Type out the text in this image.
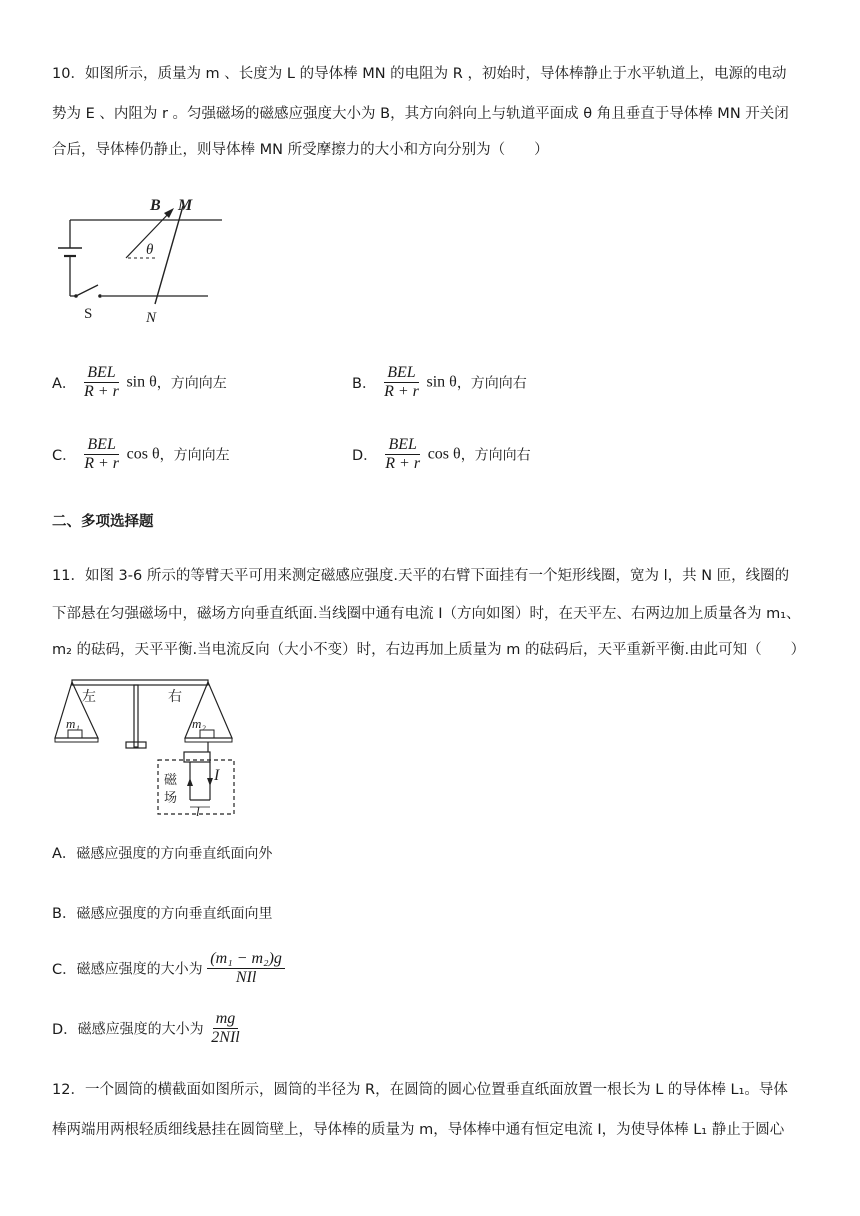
10．如图所示，质量为 m 、长度为 L 的导体棒 MN 的电阻为 R ，初始时，导体棒静止于水平轨道上，电源的电动
势为 E 、内阻为 r 。匀强磁场的磁感应强度大小为 B，其方向斜向上与轨道平面成 θ 角且垂直于导体棒 MN 开关闭
合后，导体棒仍静止，则导体棒 MN 所受摩擦力的大小和方向分别为（　　）
B M
θ
S	N
A． $\frac{\text{BEL}}{R + r}$ sin θ，方向向左	B． $\frac{\text{BEL}}{R + r}$ sin θ，方向向右
C． $\frac{\text{BEL}}{R + r}$ cos θ，方向向左	D． $\frac{\text{BEL}}{R + r}$ cos θ，方向向右
二、多项选择题
11．如图 3-6 所示的等臂天平可用来测定磁感应强度.天平的右臂下面挂有一个矩形线圈，宽为 l，共 N 匝，线圈的
下部悬在匀强磁场中，磁场方向垂直纸面.当线圈中通有电流 I（方向如图）时，在天平左、右两边加上质量各为 m₁、
m₂ 的砝码，天平平衡.当电流反向（大小不变）时，右边再加上质量为 m 的砝码后，天平重新平衡.由此可知（　　）
左
m₁
右
m₂
磁
场
I
l
A．磁感应强度的方向垂直纸面向外
B．磁感应强度的方向垂直纸面向里
C．磁感应强度的大小为 $\frac{\text{(m₁ − m₂)g}}{\text{NIl}}$
D．磁感应强度的大小为 $\frac{mg}{\text{2NIl}}$
12．一个圆筒的横截面如图所示，圆筒的半径为 R，在圆筒的圆心位置垂直纸面放置一根长为 L 的导体棒 L₁。导体
棒两端用两根轻质细线悬挂在圆筒壁上，导体棒的质量为 m，导体棒中通有恒定电流 I，为使导体棒 L₁ 静止于圆心
